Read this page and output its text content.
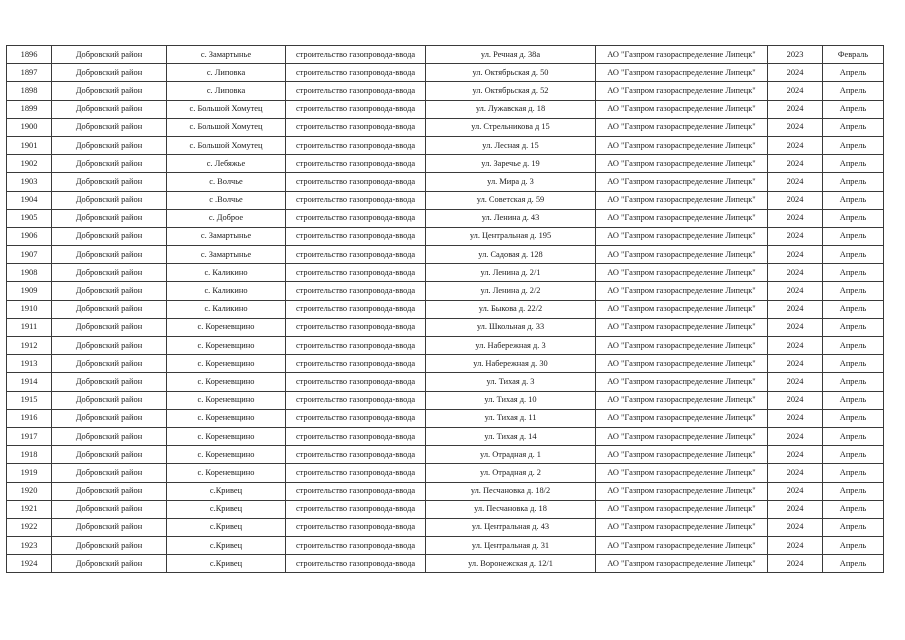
1896	Добровский район	с. Замартынье	строительство газопровода-ввода	ул. Речная д. 38а	АО "Газпром газораспределение Липецк"	2023	Февраль
1897	Добровский район	с. Липовка	строительство газопровода-ввода	ул. Октябрьская д. 50	АО "Газпром газораспределение Липецк"	2024	Апрель
1898	Добровский район	с. Липовка	строительство газопровода-ввода	ул. Октябрьская д. 52	АО "Газпром газораспределение Липецк"	2024	Апрель
1899	Добровский район	с. Большой Хомутец	строительство газопровода-ввода	ул. Лужавская д. 18	АО "Газпром газораспределение Липецк"	2024	Апрель
1900	Добровский район	с. Большой Хомутец	строительство газопровода-ввода	ул. Стрельникова д 15	АО "Газпром газораспределение Липецк"	2024	Апрель
1901	Добровский район	с. Большой Хомутец	строительство газопровода-ввода	ул. Лесная д. 15	АО "Газпром газораспределение Липецк"	2024	Апрель
1902	Добровский район	с. Лебяжье	строительство газопровода-ввода	ул. Заречье д. 19	АО "Газпром газораспределение Липецк"	2024	Апрель
1903	Добровский район	с. Волчье	строительство газопровода-ввода	ул. Мира д. 3	АО "Газпром газораспределение Липецк"	2024	Апрель
1904	Добровский район	с .Волчье	строительство газопровода-ввода	ул. Советская д. 59	АО "Газпром газораспределение Липецк"	2024	Апрель
1905	Добровский район	с. Доброе	строительство газопровода-ввода	ул. Ленина д. 43	АО "Газпром газораспределение Липецк"	2024	Апрель
1906	Добровский район	с. Замартынье	строительство газопровода-ввода	ул. Центральная д. 195	АО "Газпром газораспределение Липецк"	2024	Апрель
1907	Добровский район	с. Замартынье	строительство газопровода-ввода	ул. Садовая д. 128	АО "Газпром газораспределение Липецк"	2024	Апрель
1908	Добровский район	с. Каликино	строительство газопровода-ввода	ул. Ленина д. 2/1	АО "Газпром газораспределение Липецк"	2024	Апрель
1909	Добровский район	с. Каликино	строительство газопровода-ввода	ул. Ленина д. 2/2	АО "Газпром газораспределение Липецк"	2024	Апрель
1910	Добровский район	с. Каликино	строительство газопровода-ввода	ул. Быкова д. 22/2	АО "Газпром газораспределение Липецк"	2024	Апрель
1911	Добровский район	с. Кореневщино	строительство газопровода-ввода	ул. Школьная д. 33	АО "Газпром газораспределение Липецк"	2024	Апрель
1912	Добровский район	с. Кореневщино	строительство газопровода-ввода	ул. Набережная д. 3	АО "Газпром газораспределение Липецк"	2024	Апрель
1913	Добровский район	с. Кореневщино	строительство газопровода-ввода	ул. Набережная д. 30	АО "Газпром газораспределение Липецк"	2024	Апрель
1914	Добровский район	с. Кореневщино	строительство газопровода-ввода	ул. Тихая д. 3	АО "Газпром газораспределение Липецк"	2024	Апрель
1915	Добровский район	с. Кореневщино	строительство газопровода-ввода	ул. Тихая д. 10	АО "Газпром газораспределение Липецк"	2024	Апрель
1916	Добровский район	с. Кореневщино	строительство газопровода-ввода	ул. Тихая д. 11	АО "Газпром газораспределение Липецк"	2024	Апрель
1917	Добровский район	с. Кореневщино	строительство газопровода-ввода	ул. Тихая д. 14	АО "Газпром газораспределение Липецк"	2024	Апрель
1918	Добровский район	с. Кореневщино	строительство газопровода-ввода	ул. Отрадная д. 1	АО "Газпром газораспределение Липецк"	2024	Апрель
1919	Добровский район	с. Кореневщино	строительство газопровода-ввода	ул. Отрадная д. 2	АО "Газпром газораспределение Липецк"	2024	Апрель
1920	Добровский район	с.Кривец	строительство газопровода-ввода	ул. Песчановка д. 18/2	АО "Газпром газораспределение Липецк"	2024	Апрель
1921	Добровский район	с.Кривец	строительство газопровода-ввода	ул. Песчановка д. 18	АО "Газпром газораспределение Липецк"	2024	Апрель
1922	Добровский район	с.Кривец	строительство газопровода-ввода	ул. Центральная д. 43	АО "Газпром газораспределение Липецк"	2024	Апрель
1923	Добровский район	с.Кривец	строительство газопровода-ввода	ул. Центральная д. 31	АО "Газпром газораспределение Липецк"	2024	Апрель
1924	Добровский район	с.Кривец	строительство газопровода-ввода	ул. Воронежская д. 12/1	АО "Газпром газораспределение Липецк"	2024	Апрель
